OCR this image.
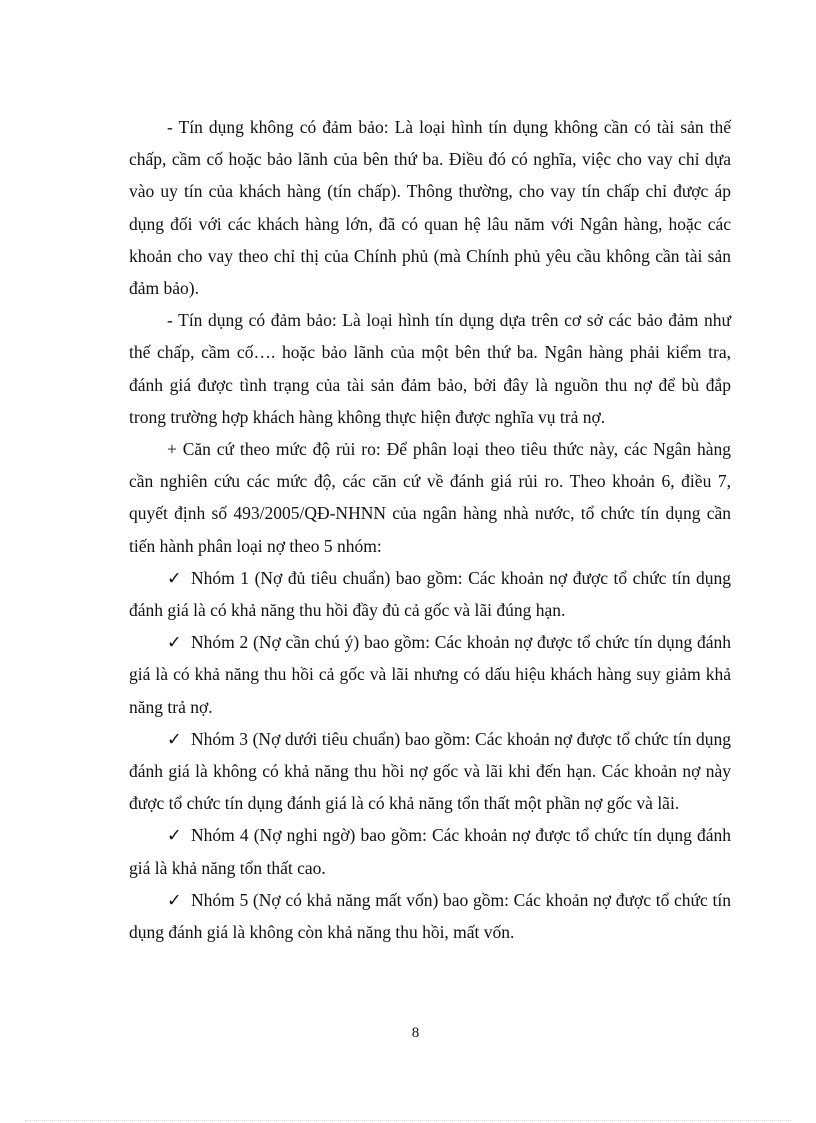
- Tín dụng không có đảm bảo: Là loại hình tín dụng không cần có tài sản thế chấp, cầm cố hoặc bảo lãnh của bên thứ ba. Điều đó có nghĩa, việc cho vay chỉ dựa vào uy tín của khách hàng (tín chấp). Thông thường, cho vay tín chấp chỉ được áp dụng đối với các khách hàng lớn, đã có quan hệ lâu năm với Ngân hàng, hoặc các khoản cho vay theo chỉ thị của Chính phủ (mà Chính phủ yêu cầu không cần tài sản đảm bảo).

- Tín dụng có đảm bảo: Là loại hình tín dụng dựa trên cơ sở các bảo đảm như thế chấp, cầm cố…. hoặc bảo lãnh của một bên thứ ba. Ngân hàng phải kiểm tra, đánh giá được tình trạng của tài sản đảm bảo, bởi đây là nguồn thu nợ để bù đắp trong trường hợp khách hàng không thực hiện được nghĩa vụ trả nợ.

+ Căn cứ theo mức độ rủi ro: Để phân loại theo tiêu thức này, các Ngân hàng cần nghiên cứu các mức độ, các căn cứ về đánh giá rủi ro. Theo khoản 6, điều 7, quyết định số 493/2005/QĐ-NHNN của ngân hàng nhà nước, tổ chức tín dụng cần tiến hành phân loại nợ theo 5 nhóm:

✓ Nhóm 1 (Nợ đủ tiêu chuẩn) bao gồm: Các khoản nợ được tổ chức tín dụng đánh giá là có khả năng thu hồi đầy đủ cả gốc và lãi đúng hạn.

✓ Nhóm 2 (Nợ cần chú ý) bao gồm: Các khoản nợ được tổ chức tín dụng đánh giá là có khả năng thu hồi cả gốc và lãi nhưng có dấu hiệu khách hàng suy giảm khả năng trả nợ.

✓ Nhóm 3 (Nợ dưới tiêu chuẩn) bao gồm: Các khoản nợ được tổ chức tín dụng đánh giá là không có khả năng thu hồi nợ gốc và lãi khi đến hạn. Các khoản nợ này được tổ chức tín dụng đánh giá là có khả năng tổn thất một phần nợ gốc và lãi.

✓ Nhóm 4 (Nợ nghi ngờ) bao gồm: Các khoản nợ được tổ chức tín dụng đánh giá là khả năng tổn thất cao.

✓ Nhóm 5 (Nợ có khả năng mất vốn) bao gồm: Các khoản nợ được tổ chức tín dụng đánh giá là không còn khả năng thu hồi, mất vốn.

8
